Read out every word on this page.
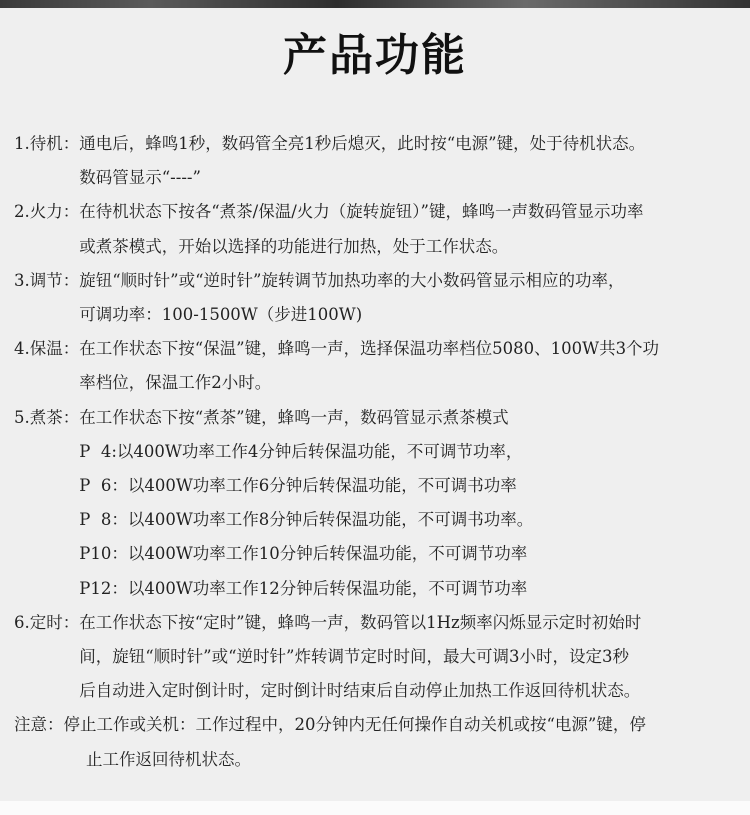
产品功能
1.待机： 通电后，蜂鸣1秒，数码管全亮1秒后熄灭，此时按“电源”键，处于待机状态。
数码管显示“----”
2.火力： 在待机状态下按各“煮茶/保温/火力（旋转旋钮）”键，蜂鸣一声数码管显示功率
或煮茶模式，开始以选择的功能进行加热，处于工作状态。
3.调节： 旋钮“顺时针”或“逆时针”旋转调节加热功率的大小数码管显示相应的功率，
可调功率：100-1500W（步进100W)
4.保温： 在工作状态下按“保温”键，蜂鸣一声，选择保温功率档位5080、100W共3个功
率档位，保温工作2小时。
5.煮茶： 在工作状态下按“煮茶”键，蜂鸣一声，数码管显示煮茶模式
P  4:以400W功率工作4分钟后转保温功能，不可调节功率，
P  6：以400W功率工作6分钟后转保温功能，不可调书功率
P  8：以400W功率工作8分钟后转保温功能，不可调书功率。
P10：以400W功率工作10分钟后转保温功能，不可调节功率
P12：以400W功率工作12分钟后转保温功能，不可调节功率
6.定时： 在工作状态下按“定时”键，蜂鸣一声，数码管以1Hz频率闪烁显示定时初始时
间，旋钮“顺时针”或“逆时针”炸转调节定时时间，最大可调3小时，设定3秒
后自动进入定时倒计时，定时倒计时结束后自动停止加热工作返回待机状态。
注意：停止工作或关机：工作过程中，20分钟内无任何操作自动关机或按“电源”键，停
止工作返回待机状态。
